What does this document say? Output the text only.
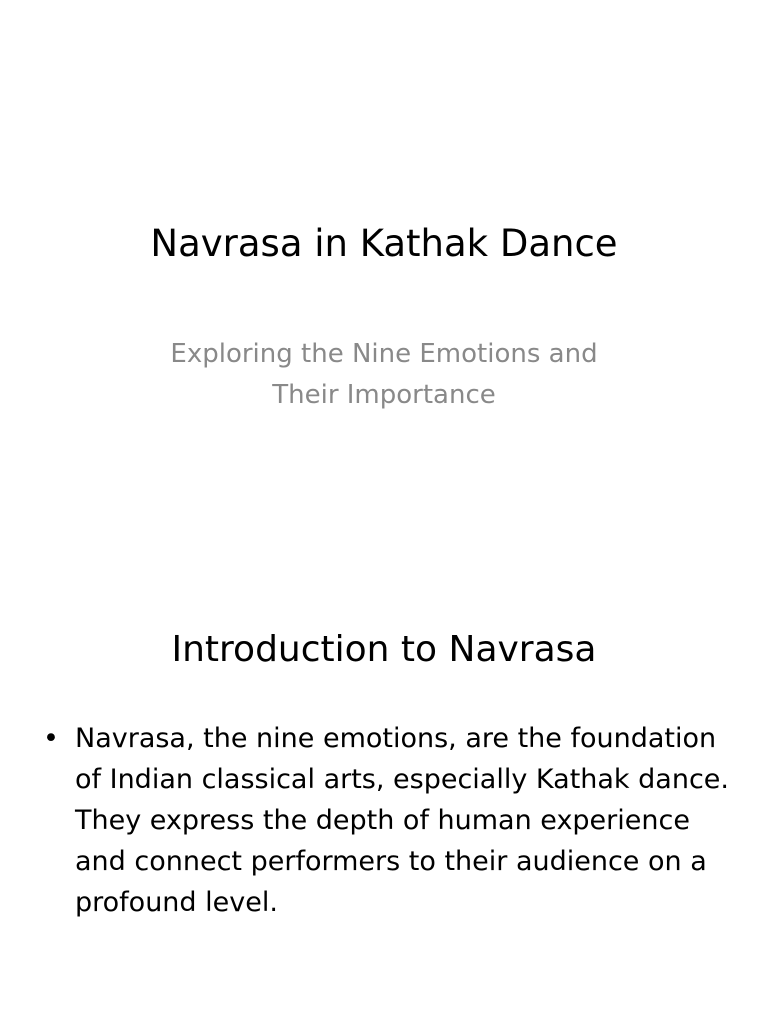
Navrasa in Kathak Dance
Exploring the Nine Emotions and Their Importance
Introduction to Navrasa
• Navrasa, the nine emotions, are the foundation of Indian classical arts, especially Kathak dance. They express the depth of human experience and connect performers to their audience on a profound level.
